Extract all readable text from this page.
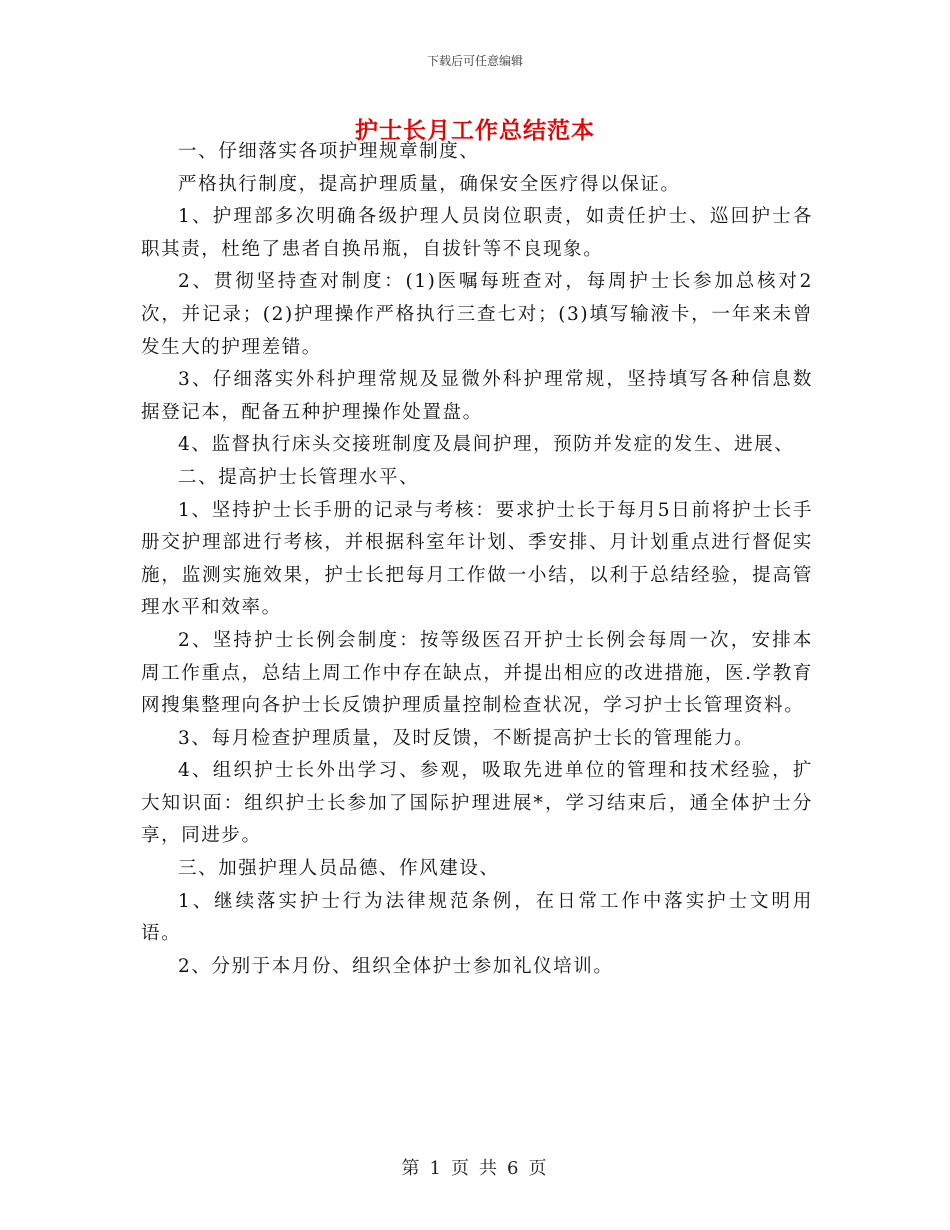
下载后可任意编辑
护士长月工作总结范本

一、仔细落实各项护理规章制度、

严格执行制度，提高护理质量，确保安全医疗得以保证。

1、护理部多次明确各级护理人员岗位职责，如责任护士、巡回护士各职其责，杜绝了患者自换吊瓶，自拔针等不良现象。

2、贯彻坚持查对制度：(1)医嘱每班查对，每周护士长参加总核对2次，并记录；(2)护理操作严格执行三查七对；(3)填写输液卡，一年来未曾发生大的护理差错。

3、仔细落实外科护理常规及显微外科护理常规，坚持填写各种信息数据登记本，配备五种护理操作处置盘。

4、监督执行床头交接班制度及晨间护理，预防并发症的发生、进展、

二、提高护士长管理水平、

1、坚持护士长手册的记录与考核：要求护士长于每月5日前将护士长手册交护理部进行考核，并根据科室年计划、季安排、月计划重点进行督促实施，监测实施效果，护士长把每月工作做一小结，以利于总结经验，提高管理水平和效率。

2、坚持护士长例会制度：按等级医召开护士长例会每周一次，安排本周工作重点，总结上周工作中存在缺点，并提出相应的改进措施，医.学教育网搜集整理向各护士长反馈护理质量控制检查状况，学习护士长管理资料。

3、每月检查护理质量，及时反馈，不断提高护士长的管理能力。

4、组织护士长外出学习、参观，吸取先进单位的管理和技术经验，扩大知识面：组织护士长参加了国际护理进展*，学习结束后，通全体护士分享，同进步。

三、加强护理人员品德、作风建设、

1、继续落实护士行为法律规范条例，在日常工作中落实护士文明用语。

2、分别于本月份、组织全体护士参加礼仪培训。

第 1 页 共 6 页
